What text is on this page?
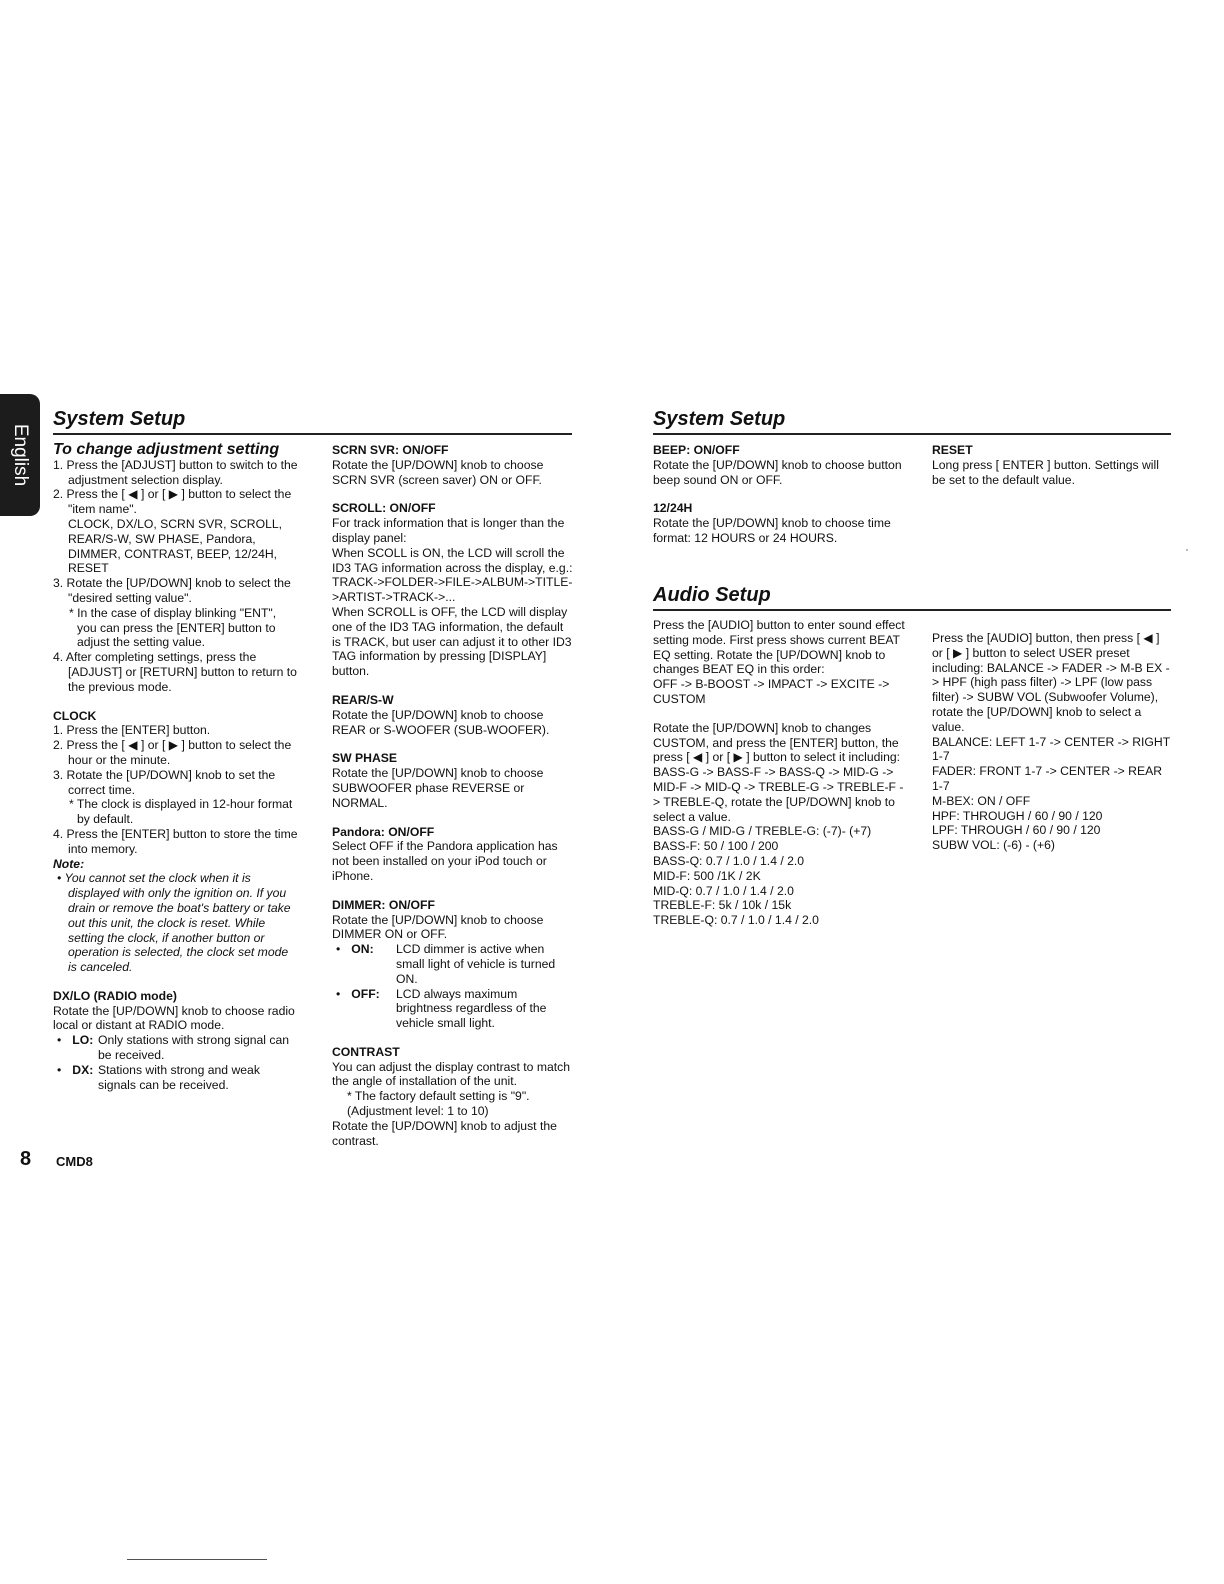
English
System Setup

To change adjustment setting

1. Press the [ADJUST] button to switch to the adjustment selection display.

2. Press the [ ◀ ] or [ ▶ ] button to select the "item name".

CLOCK, DX/LO, SCRN SVR, SCROLL, REAR/S-W, SW PHASE, Pandora, DIMMER, CONTRAST, BEEP, 12/24H, RESET

3. Rotate the [UP/DOWN] knob to select the "desired setting value".

* In the case of display blinking "ENT", you can press the [ENTER] button to adjust the setting value.

4. After completing settings, press the [ADJUST] or [RETURN] button to return to the previous mode.

CLOCK

1. Press the [ENTER] button.

2. Press the [ ◀ ] or [ ▶ ] button to select the hour or the minute.

3. Rotate the [UP/DOWN] knob to set the correct time.

* The clock is displayed in 12-hour format by default.

4. Press the [ENTER] button to store the time into memory.

Note:

• You cannot set the clock when it is displayed with only the ignition on. If you drain or remove the boat's battery or take out this unit, the clock is reset. While setting the clock, if another button or operation is selected, the clock set mode is canceled.

DX/LO (RADIO mode)

Rotate the [UP/DOWN] knob to choose radio local or distant at RADIO mode.

• LO: Only stations with strong signal can be received.
• DX: Stations with strong and weak signals can be received.

SCRN SVR: ON/OFF

Rotate the [UP/DOWN] knob to choose SCRN SVR (screen saver) ON or OFF.

SCROLL: ON/OFF

For track information that is longer than the display panel:

When SCOLL is ON, the LCD will scroll the ID3 TAG information across the display, e.g.: TRACK->FOLDER->FILE->ALBUM->TITLE->ARTIST->TRACK->...

When SCROLL is OFF, the LCD will display one of the ID3 TAG information, the default is TRACK, but user can adjust it to other ID3 TAG information by pressing [DISPLAY] button.

REAR/S-W

Rotate the [UP/DOWN] knob to choose REAR or S-WOOFER (SUB-WOOFER).

SW PHASE

Rotate the [UP/DOWN] knob to choose SUBWOOFER phase REVERSE or NORMAL.

Pandora: ON/OFF

Select OFF if the Pandora application has not been installed on your iPod touch or iPhone.

DIMMER: ON/OFF

Rotate the [UP/DOWN] knob to choose DIMMER ON or OFF.

• ON:	LCD dimmer is active when small light of vehicle is turned ON.
• OFF:	LCD always maximum brightness regardless of the vehicle small light.

CONTRAST

You can adjust the display contrast to match the angle of installation of the unit.

* The factory default setting is "9".

(Adjustment level: 1 to 10)

Rotate the [UP/DOWN] knob to adjust the contrast.

System Setup

BEEP: ON/OFF

Rotate the [UP/DOWN] knob to choose button beep sound ON or OFF.

12/24H

Rotate the [UP/DOWN] knob to choose time format: 12 HOURS or 24 HOURS.

RESET

Long press [ ENTER ] button. Settings will be set to the default value.

Audio Setup

Press the [AUDIO] button to enter sound effect setting mode. First press shows current BEAT EQ setting. Rotate the [UP/DOWN] knob to changes BEAT EQ in this order:

OFF -> B-BOOST -> IMPACT -> EXCITE -> CUSTOM

Rotate the [UP/DOWN] knob to changes CUSTOM, and press the [ENTER] button, the press [ ◀ ] or [ ▶ ] button to select it including: BASS-G -> BASS-F -> BASS-Q -> MID-G -> MID-F -> MID-Q -> TREBLE-G -> TREBLE-F -> TREBLE-Q, rotate the [UP/DOWN] knob to select a value.

BASS-G / MID-G / TREBLE-G: (-7)- (+7)

BASS-F: 50 / 100 / 200

BASS-Q: 0.7 / 1.0 / 1.4 / 2.0

MID-F: 500 /1K / 2K

MID-Q: 0.7 / 1.0 / 1.4 / 2.0

TREBLE-F: 5k / 10k / 15k

TREBLE-Q: 0.7 / 1.0 / 1.4 / 2.0

Press the [AUDIO] button, then press [ ◀ ] or [ ▶ ] button to select USER preset including: BALANCE -> FADER -> M-B EX -> HPF (high pass filter) -> LPF (low pass filter) -> SUBW VOL (Subwoofer Volume), rotate the [UP/DOWN] knob to select a value.

BALANCE: LEFT 1-7 -> CENTER -> RIGHT 1-7

FADER: FRONT 1-7 -> CENTER -> REAR 1-7

M-BEX: ON / OFF

HPF: THROUGH / 60 / 90 / 120

LPF: THROUGH / 60 / 90 / 120

SUBW VOL: (-6) - (+6)

8 CMD8
